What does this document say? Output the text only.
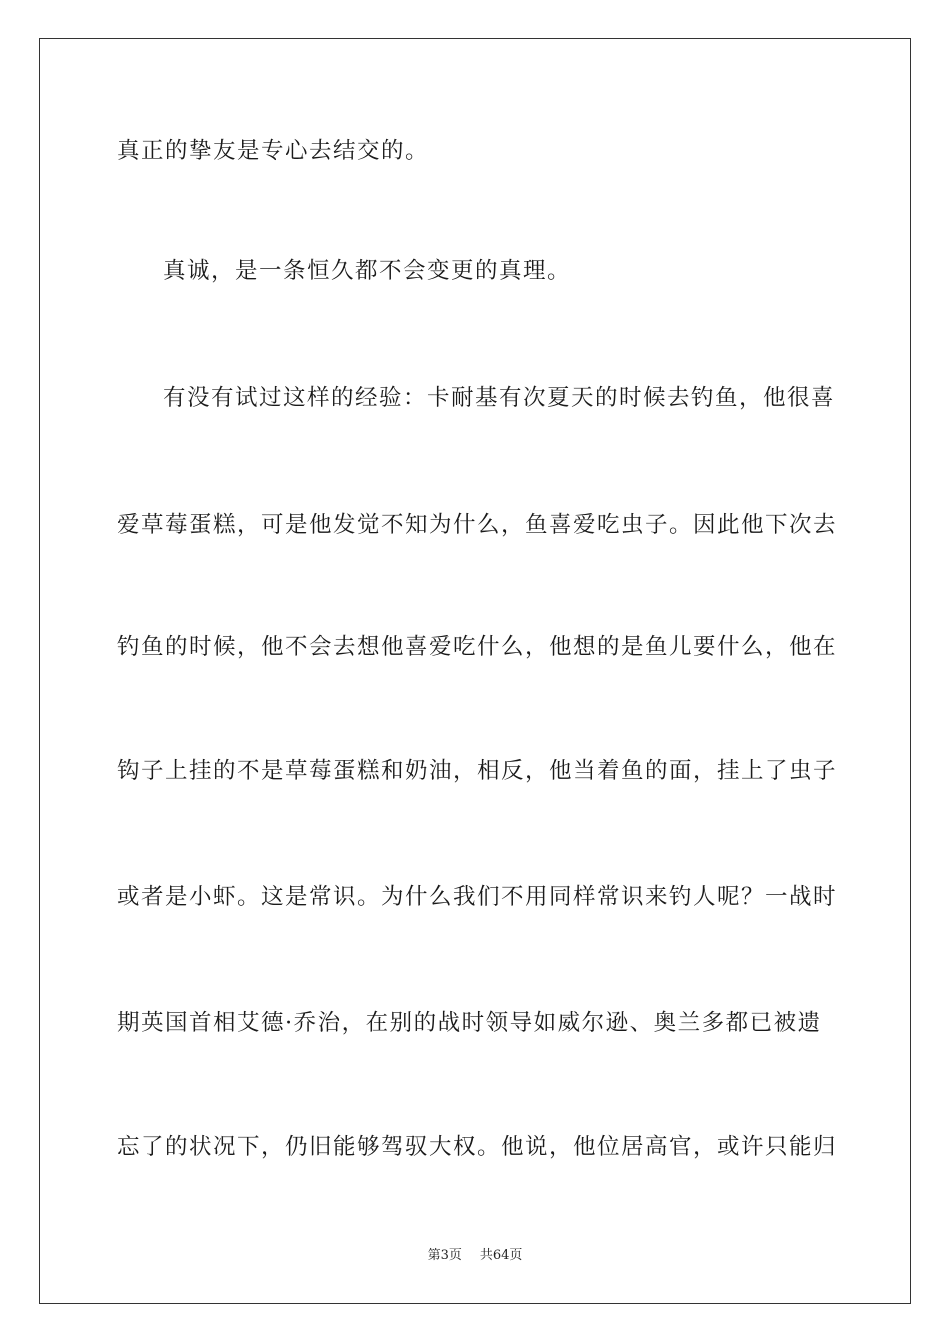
真正的挚友是专心去结交的。
真诚，是一条恒久都不会变更的真理。
有没有试过这样的经验：卡耐基有次夏天的时候去钓鱼，他很喜
爱草莓蛋糕，可是他发觉不知为什么，鱼喜爱吃虫子。因此他下次去
钓鱼的时候，他不会去想他喜爱吃什么，他想的是鱼儿要什么，他在
钩子上挂的不是草莓蛋糕和奶油，相反，他当着鱼的面，挂上了虫子
或者是小虾。这是常识。为什么我们不用同样常识来钓人呢？一战时
期英国首相艾德·乔治，在别的战时领导如威尔逊、奥兰多都已被遗
忘了的状况下，仍旧能够驾驭大权。他说，他位居高官，或许只能归
第3页 共64页
